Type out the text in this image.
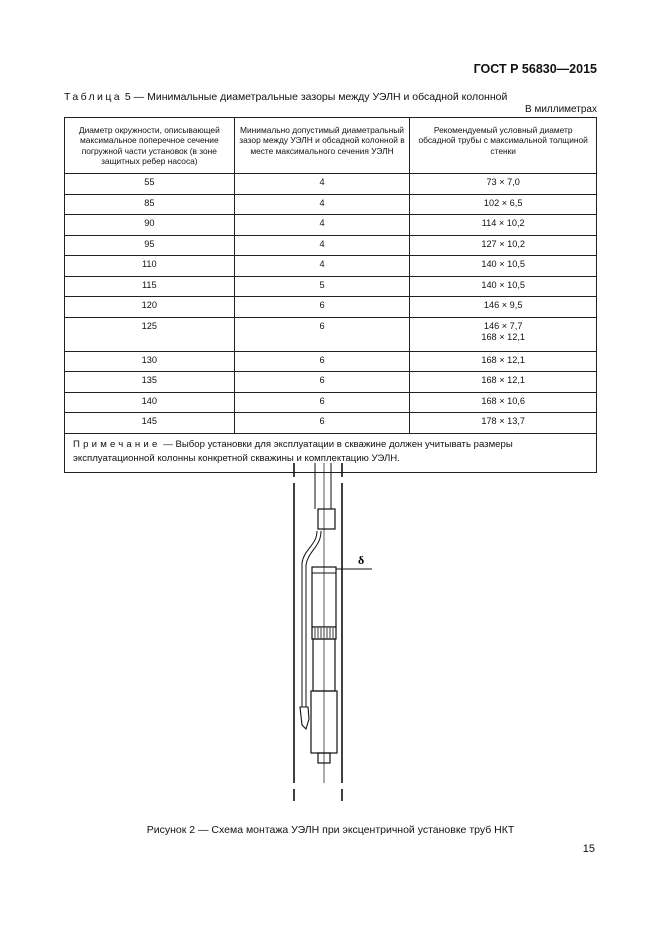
ГОСТ Р 56830—2015
Таблица 5 — Минимальные диаметральные зазоры между УЭЛН и обсадной колонной
В миллиметрах
Диаметр окружности, описывающей максимальное поперечное сечение погружной части установок (в зоне защитных ребер насоса)	Минимально допустимый диаметральный зазор между УЭЛН и обсадной колонной в месте максимального сечения УЭЛН	Рекомендуемый условный диаметр обсадной трубы с максимальной толщиной стенки
55	4	73 × 7,0
85	4	102 × 6,5
90	4	114 × 10,2
95	4	127 × 10,2
110	4	140 × 10,5
115	5	140 × 10,5
120	6	146 × 9,5
125	6	146 × 7,7
168 × 12,1

130	6	168 × 12,1
135	6	168 × 12,1
140	6	168 × 10,6
145	6	178 × 13,7
Примечание — Выбор установки для эксплуатации в скважине должен учитывать размеры эксплуатационной колонны конкретной скважины и комплектацию УЭЛН.		
δ
Рисунок 2 — Схема монтажа УЭЛН при эксцентричной установке труб НКТ
15
